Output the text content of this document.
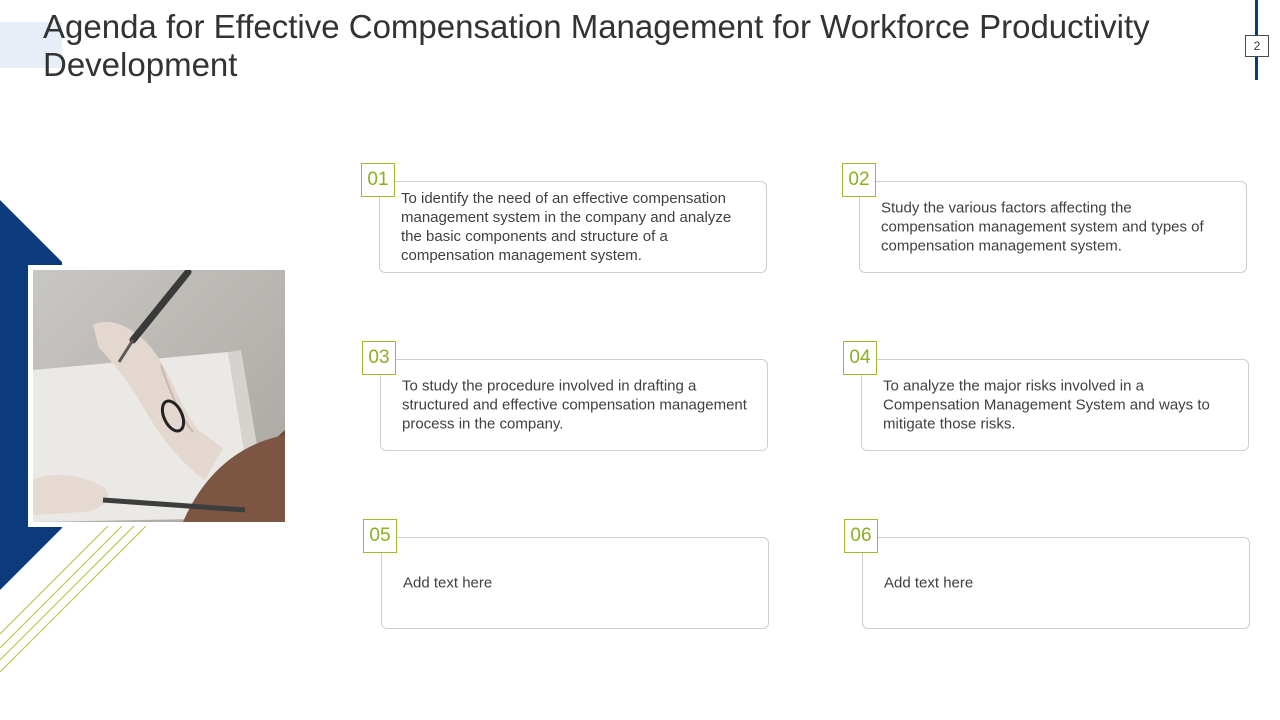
Agenda for Effective Compensation Management for Workforce Productivity Development	2
To identify the need of an effective compensation management system in the company and analyze the basic components and structure of a compensation management system.
01
Study the various factors affecting the compensation management system and types of compensation management system.
02
To study the procedure involved in drafting a structured and effective compensation management process in the company.
03
To analyze the major risks involved in a Compensation Management System and ways to mitigate those risks.
04
Add text here
05
Add text here
06
